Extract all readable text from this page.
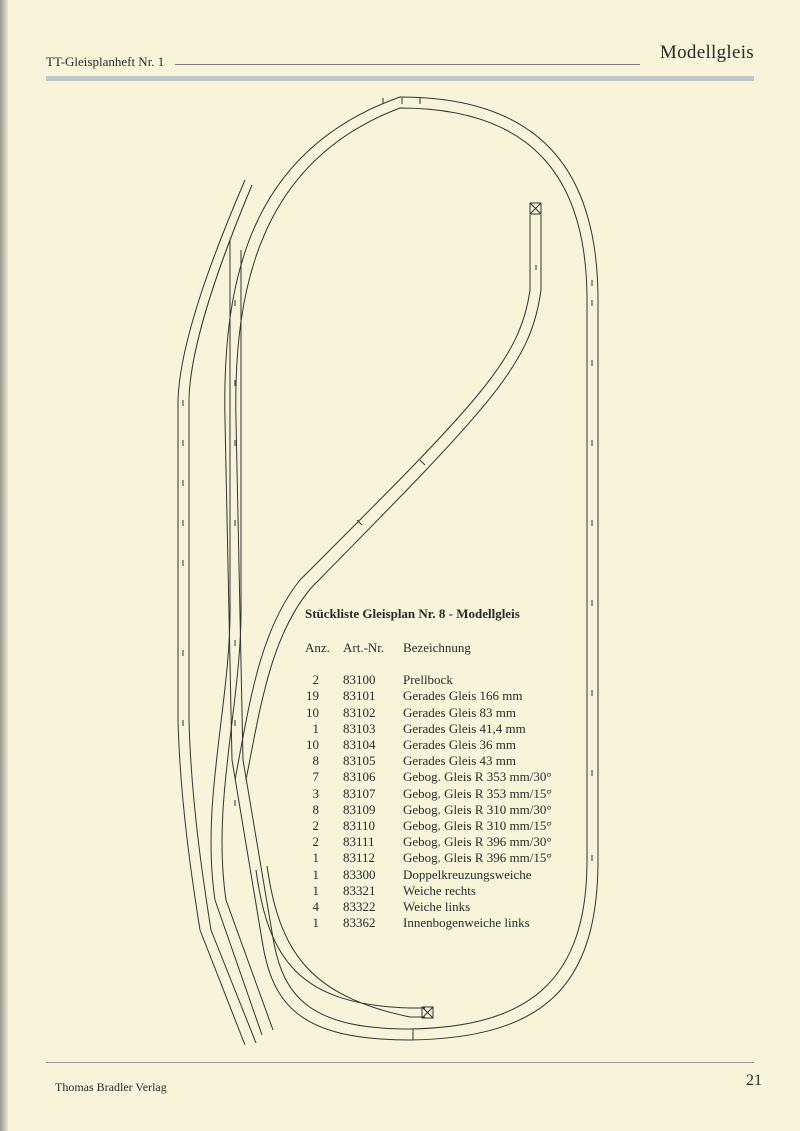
TT-Gleisplanheft Nr. 1	Modellgleis
Stückliste Gleisplan Nr. 8 - Modellgleis
Anz.	Art.-Nr.	Bezeichnung
2	83100	Prellbock
19	83101	Gerades Gleis 166 mm
10	83102	Gerades Gleis 83 mm
1	83103	Gerades Gleis 41,4 mm
10	83104	Gerades Gleis 36 mm
8	83105	Gerades Gleis 43 mm
7	83106	Gebog. Gleis R 353 mm/30°
3	83107	Gebog. Gleis R 353 mm/15°
8	83109	Gebog. Gleis R 310 mm/30°
2	83110	Gebog. Gleis R 310 mm/15°
2	83111	Gebog. Gleis R 396 mm/30°
1	83112	Gebog. Gleis R 396 mm/15°
1	83300	Doppelkreuzungsweiche
1	83321	Weiche rechts
4	83322	Weiche links
1	83362	Innenbogenweiche links
Thomas Bradler Verlag	21
